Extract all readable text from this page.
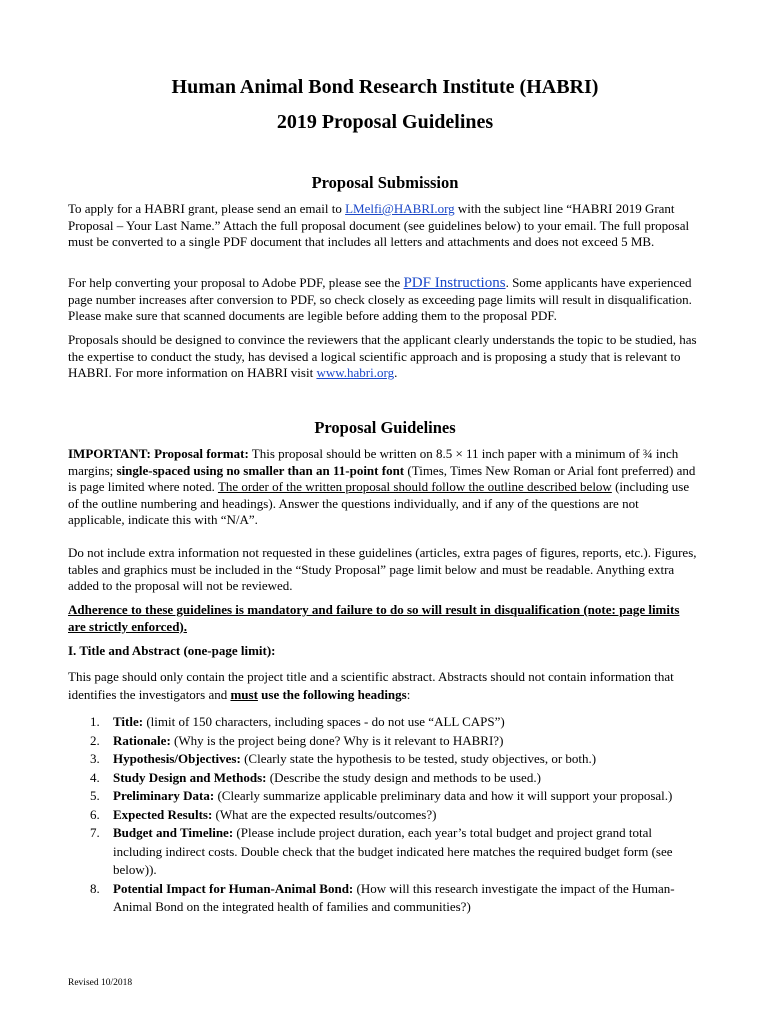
Human Animal Bond Research Institute (HABRI)
2019 Proposal Guidelines
Proposal Submission
To apply for a HABRI grant, please send an email to LMelfi@HABRI.org with the subject line “HABRI 2019 Grant Proposal – Your Last Name.” Attach the full proposal document (see guidelines below) to your email. The full proposal must be converted to a single PDF document that includes all letters and attachments and does not exceed 5 MB.
For help converting your proposal to Adobe PDF, please see the PDF Instructions. Some applicants have experienced page number increases after conversion to PDF, so check closely as exceeding page limits will result in disqualification. Please make sure that scanned documents are legible before adding them to the proposal PDF.
Proposals should be designed to convince the reviewers that the applicant clearly understands the topic to be studied, has the expertise to conduct the study, has devised a logical scientific approach and is proposing a study that is relevant to HABRI. For more information on HABRI visit www.habri.org.
Proposal Guidelines
IMPORTANT: Proposal format: This proposal should be written on 8.5 × 11 inch paper with a minimum of ¾ inch margins; single-spaced using no smaller than an 11-point font (Times, Times New Roman or Arial font preferred) and is page limited where noted. The order of the written proposal should follow the outline described below (including use of the outline numbering and headings). Answer the questions individually, and if any of the questions are not applicable, indicate this with “N/A”.
Do not include extra information not requested in these guidelines (articles, extra pages of figures, reports, etc.). Figures, tables and graphics must be included in the “Study Proposal” page limit below and must be readable. Anything extra added to the proposal will not be reviewed.
Adherence to these guidelines is mandatory and failure to do so will result in disqualification (note: page limits are strictly enforced).
I. Title and Abstract (one-page limit):
This page should only contain the project title and a scientific abstract. Abstracts should not contain information that identifies the investigators and must use the following headings:
1. Title: (limit of 150 characters, including spaces - do not use “ALL CAPS”)
2. Rationale: (Why is the project being done? Why is it relevant to HABRI?)
3. Hypothesis/Objectives: (Clearly state the hypothesis to be tested, study objectives, or both.)
4. Study Design and Methods: (Describe the study design and methods to be used.)
5. Preliminary Data: (Clearly summarize applicable preliminary data and how it will support your proposal.)
6. Expected Results: (What are the expected results/outcomes?)
7. Budget and Timeline: (Please include project duration, each year’s total budget and project grand total including indirect costs. Double check that the budget indicated here matches the required budget form (see below)).
8. Potential Impact for Human-Animal Bond: (How will this research investigate the impact of the Human-Animal Bond on the integrated health of families and communities?)
Revised 10/2018
